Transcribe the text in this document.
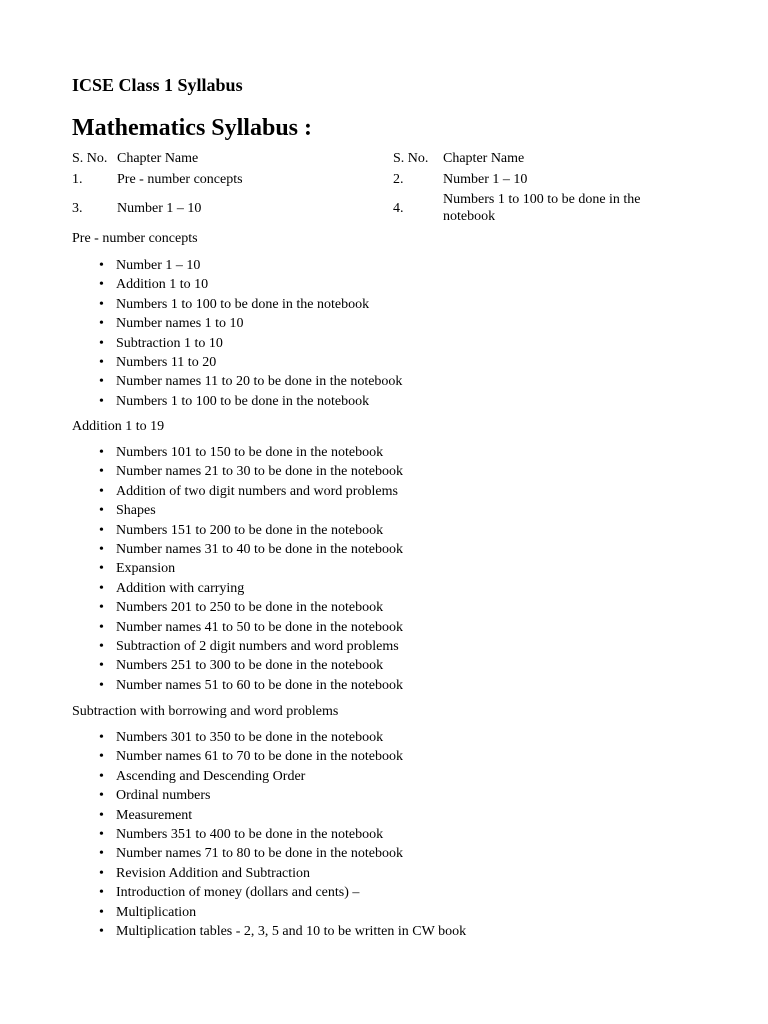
ICSE Class 1 Syllabus
Mathematics Syllabus :
S. No.	Chapter Name	S. No.	Chapter Name
1.	Pre - number concepts	2.	Number 1 – 10
3.	Number 1 – 10	4.	Numbers 1 to 100 to be done in the notebook

Pre - number concepts

• Number 1 – 10
• Addition 1 to 10
• Numbers 1 to 100 to be done in the notebook
• Number names 1 to 10
• Subtraction 1 to 10
• Numbers 11 to 20
• Number names 11 to 20 to be done in the notebook
• Numbers 1 to 100 to be done in the notebook

Addition 1 to 19

• Numbers 101 to 150 to be done in the notebook
• Number names 21 to 30 to be done in the notebook
• Addition of two digit numbers and word problems
• Shapes
• Numbers 151 to 200 to be done in the notebook
• Number names 31 to 40 to be done in the notebook
• Expansion
• Addition with carrying
• Numbers 201 to 250 to be done in the notebook
• Number names 41 to 50 to be done in the notebook
• Subtraction of 2 digit numbers and word problems
• Numbers 251 to 300 to be done in the notebook
• Number names 51 to 60 to be done in the notebook

Subtraction with borrowing and word problems

• Numbers 301 to 350 to be done in the notebook
• Number names 61 to 70 to be done in the notebook
• Ascending and Descending Order
• Ordinal numbers
• Measurement
• Numbers 351 to 400 to be done in the notebook
• Number names 71 to 80 to be done in the notebook
• Revision Addition and Subtraction
• Introduction of money (dollars and cents) –
• Multiplication
• Multiplication tables - 2, 3, 5 and 10 to be written in CW book
